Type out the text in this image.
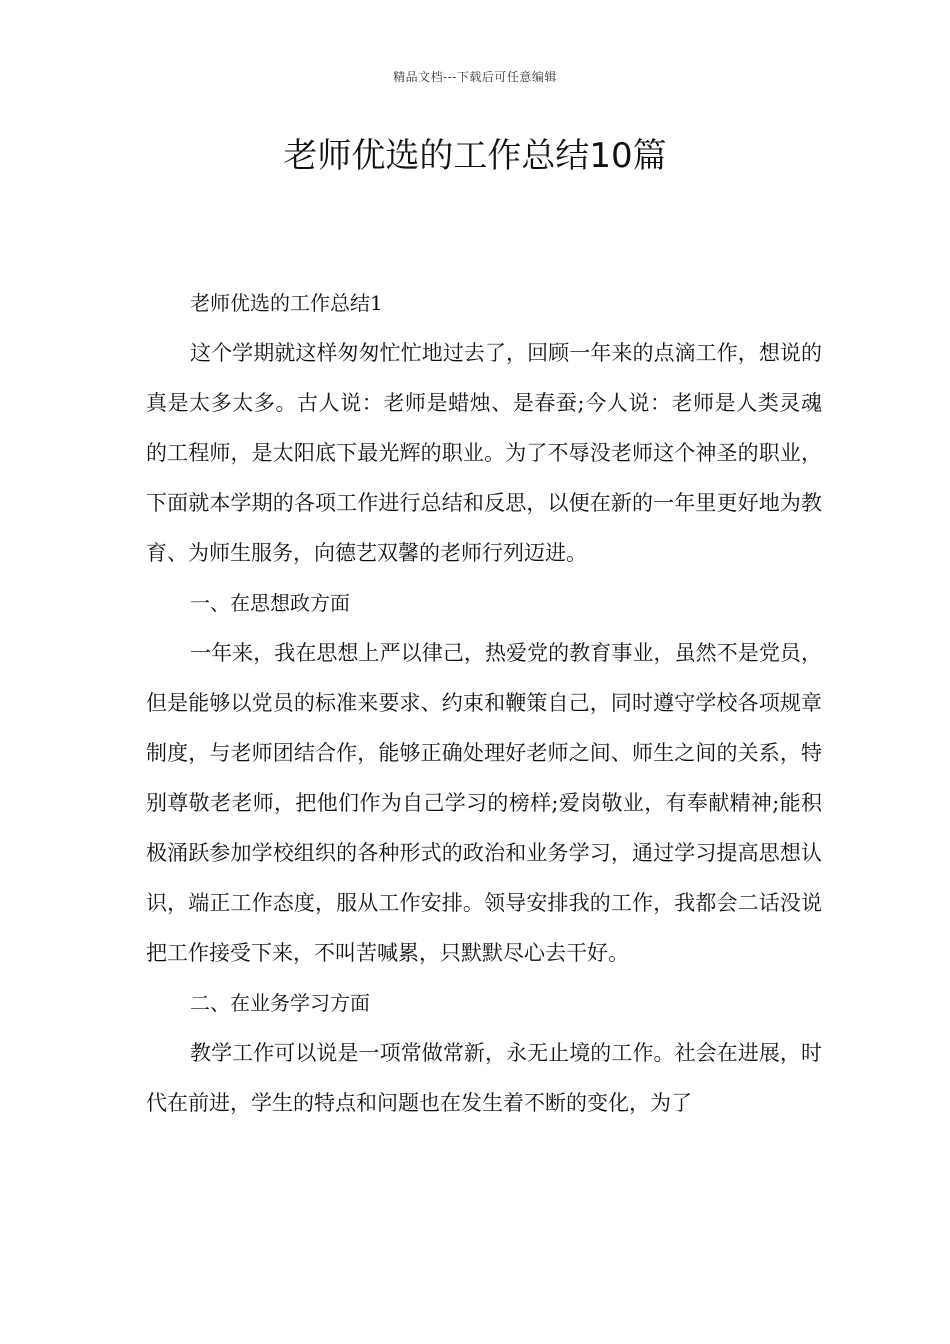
精品文档---下载后可任意编辑
老师优选的工作总结10篇

老师优选的工作总结1

这个学期就这样匆匆忙忙地过去了，回顾一年来的点滴工作，想说的真是太多太多。古人说：老师是蜡烛、是春蚕;今人说：老师是人类灵魂的工程师，是太阳底下最光辉的职业。为了不辱没老师这个神圣的职业，下面就本学期的各项工作进行总结和反思，以便在新的一年里更好地为教育、为师生服务，向德艺双馨的老师行列迈进。

一、在思想政方面

一年来，我在思想上严以律己，热爱党的教育事业，虽然不是党员，但是能够以党员的标准来要求、约束和鞭策自己，同时遵守学校各项规章制度，与老师团结合作，能够正确处理好老师之间、师生之间的关系，特别尊敬老老师，把他们作为自己学习的榜样;爱岗敬业，有奉献精神;能积极涌跃参加学校组织的各种形式的政治和业务学习，通过学习提高思想认识，端正工作态度，服从工作安排。领导安排我的工作，我都会二话没说把工作接受下来，不叫苦喊累，只默默尽心去干好。

二、在业务学习方面

教学工作可以说是一项常做常新，永无止境的工作。社会在进展，时代在前进，学生的特点和问题也在发生着不断的变化，为了
